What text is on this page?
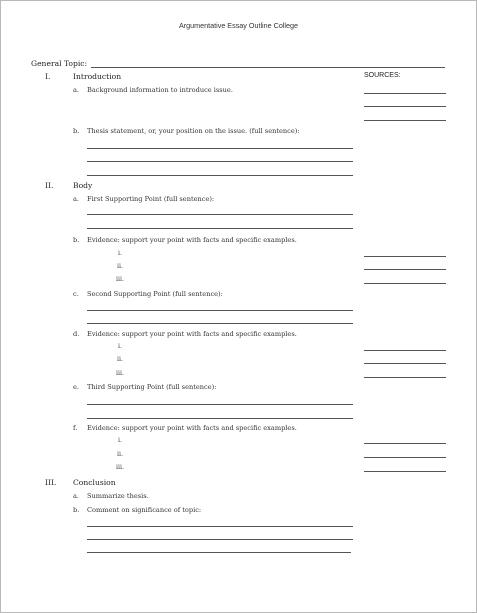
Argumentative Essay Outline College
General Topic:
I.	Introduction	SOURCES:
a. Background information to introduce issue.
b. Thesis statement, or, your position on the issue. (full sentence):
II.	Body
a. First Supporting Point (full sentence):
b. Evidence: support your point with facts and specific examples.
i.
ii.
iii.
c. Second Supporting Point (full sentence):
d. Evidence: support your point with facts and specific examples.
i.
ii.
iii.
e. Third Supporting Point (full sentence):
f. Evidence: support your point with facts and specific examples.
i.
ii.
iii.
III. Conclusion
a. Summarize thesis.
b. Comment on significance of topic:
